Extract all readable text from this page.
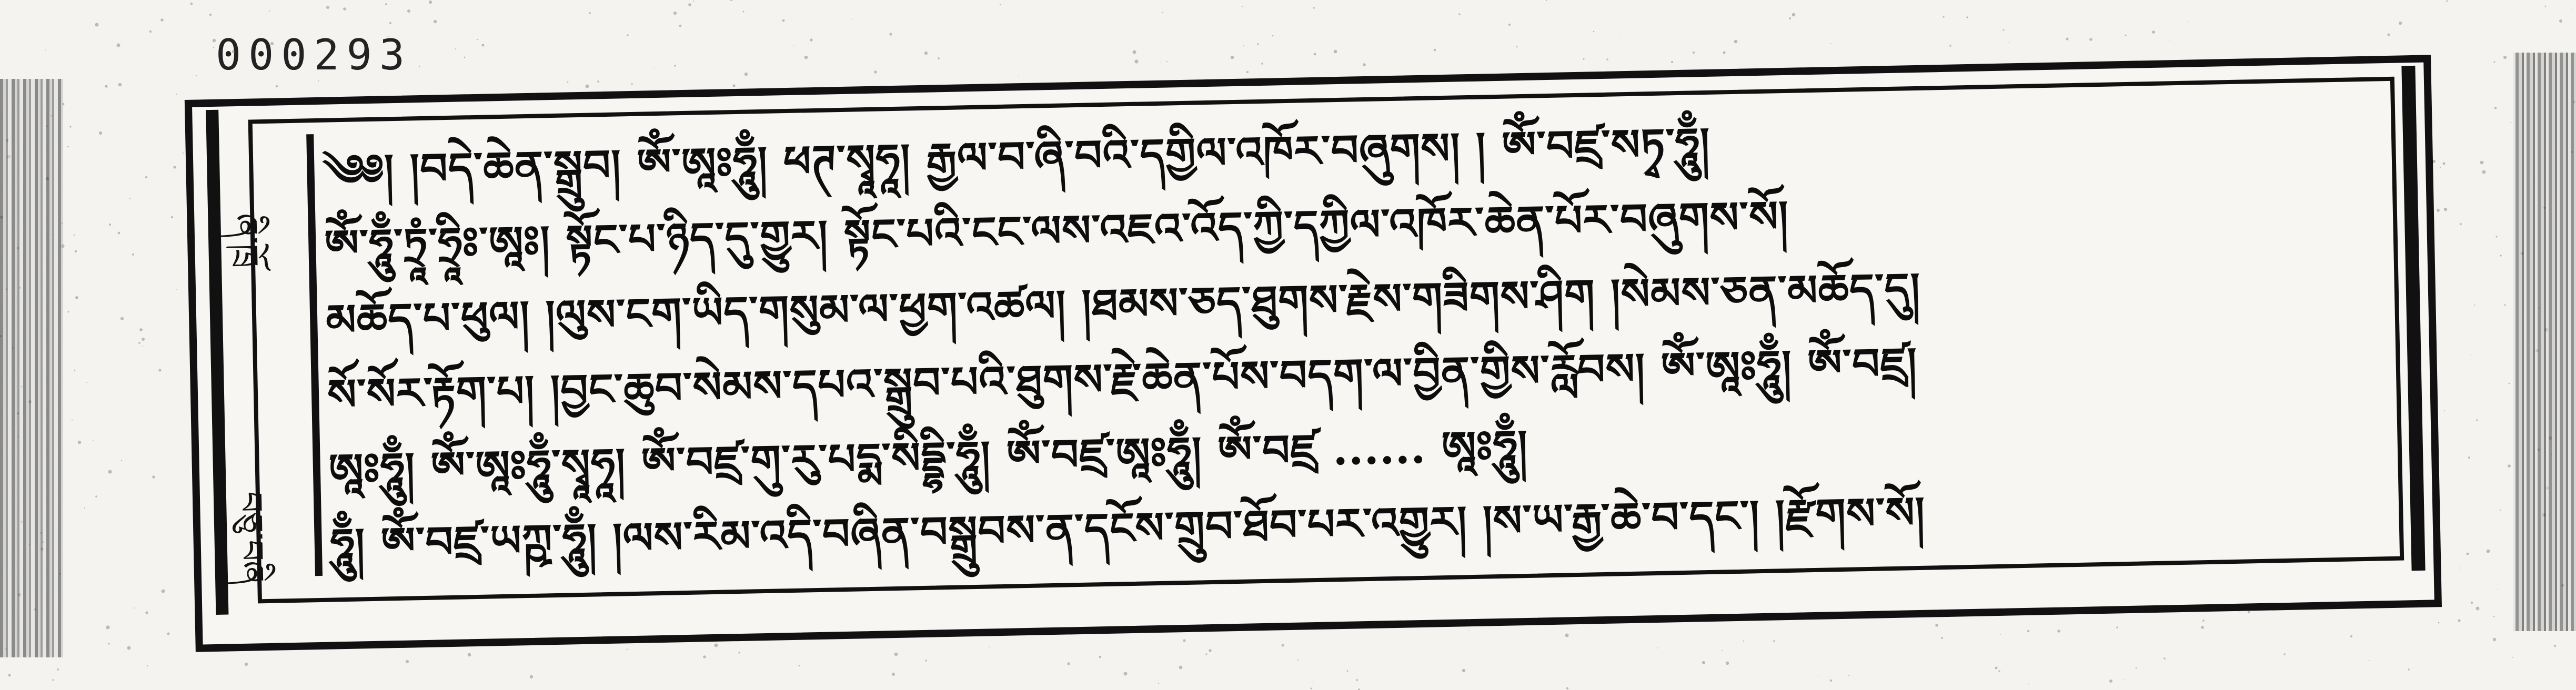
000293
ཞི་ཁྲོ
བཅུ་བཞི
༄༅། །བདེ་ཆེན་སྒྲུབ། ཨོཾ་ཨཱཿཧཱུྃ། ཕཊ་སྭཱཧཱ། རྒྱལ་བ་ཞི་བའི་དགྱིལ་འཁོར་བཞུགས། ། ཨོཾ་བཛྲ་སཏྭ་ཧཱུྃ།
ཨོཾ་ཧཱུྃ་ཏྲཱཾ་ཧྲཱིཿ་ཨཱཿ། སྟོང་པ་ཉིད་དུ་གྱུར། སྟོང་པའི་ངང་ལས་འཇའ་འོད་ཀྱི་དཀྱིལ་འཁོར་ཆེན་པོར་བཞུགས་སོ།
མཆོད་པ་ཕུལ། །ལུས་ངག་ཡིད་གསུམ་ལ་ཕྱག་འཚལ། །ཐམས་ཅད་ཐུགས་རྗེས་གཟིགས་ཤིག །སེམས་ཅན་མཆོད་དུ།
སོ་སོར་རྟོག་པ། །བྱང་ཆུབ་སེམས་དཔའ་སྒྲུབ་པའི་ཐུགས་རྗེ་ཆེན་པོས་བདག་ལ་བྱིན་གྱིས་རློབས། ཨོཾ་ཨཱཿཧཱུྃ། ཨོཾ་བཛྲ།
ཨཱཿཧཱུྃ། ཨོཾ་ཨཱཿཧཱུྃ་སྭཱཧཱ། ཨོཾ་བཛྲ་གུ་རུ་པདྨ་སིདྡྷི་ཧཱུྃ། ཨོཾ་བཛྲ་ཨཱཿཧཱུྃ། ཨོཾ་བཛྲ ...... ཨཱཿཧཱུྃ།
ཧཱུྃ། ཨོཾ་བཛྲ་ཡཀྵ་ཧཱུྃ། །ལས་རིམ་འདི་བཞིན་བསྒྲུབས་ན་དངོས་གྲུབ་ཐོབ་པར་འགྱུར། །ས་ཡ་རྒྱ་ཆེ་བ་དང་། །རྫོགས་སོ།
